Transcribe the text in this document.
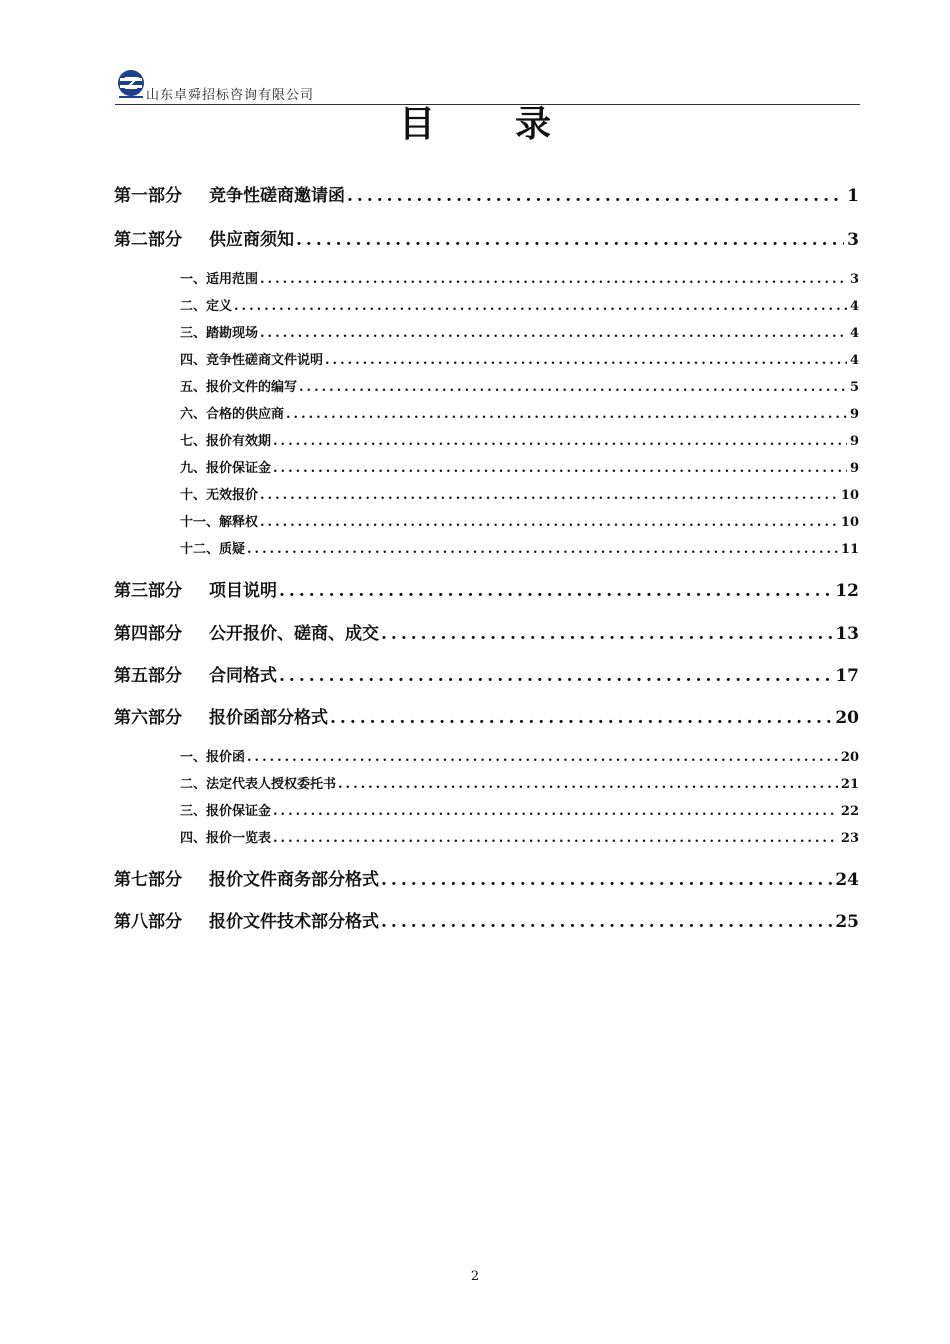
山东卓舜招标咨询有限公司
目录
第一部分 竞争性磋商邀请函 .....	1
第二部分 供应商须知 .....	3
一、适用范围 .....	3
二、定义 .....	4
三、踏勘现场 .....	4
四、竞争性磋商文件说明 .....	4
五、报价文件的编写 .....	5
六、合格的供应商 .....	9
七、报价有效期 .....	9
九、报价保证金 .....	9
十、无效报价 .....	10
十一、解释权 .....	10
十二、质疑 .....	11
第三部分 项目说明 .....	12
第四部分 公开报价、磋商、成交 .....	13
第五部分 合同格式 .....	17
第六部分 报价函部分格式 .....	20
一、报价函 .....	20
二、法定代表人授权委托书 .....	21
三、报价保证金 .....	22
四、报价一览表 .....	23
第七部分 报价文件商务部分格式 .....	24
第八部分 报价文件技术部分格式 .....	25
2
